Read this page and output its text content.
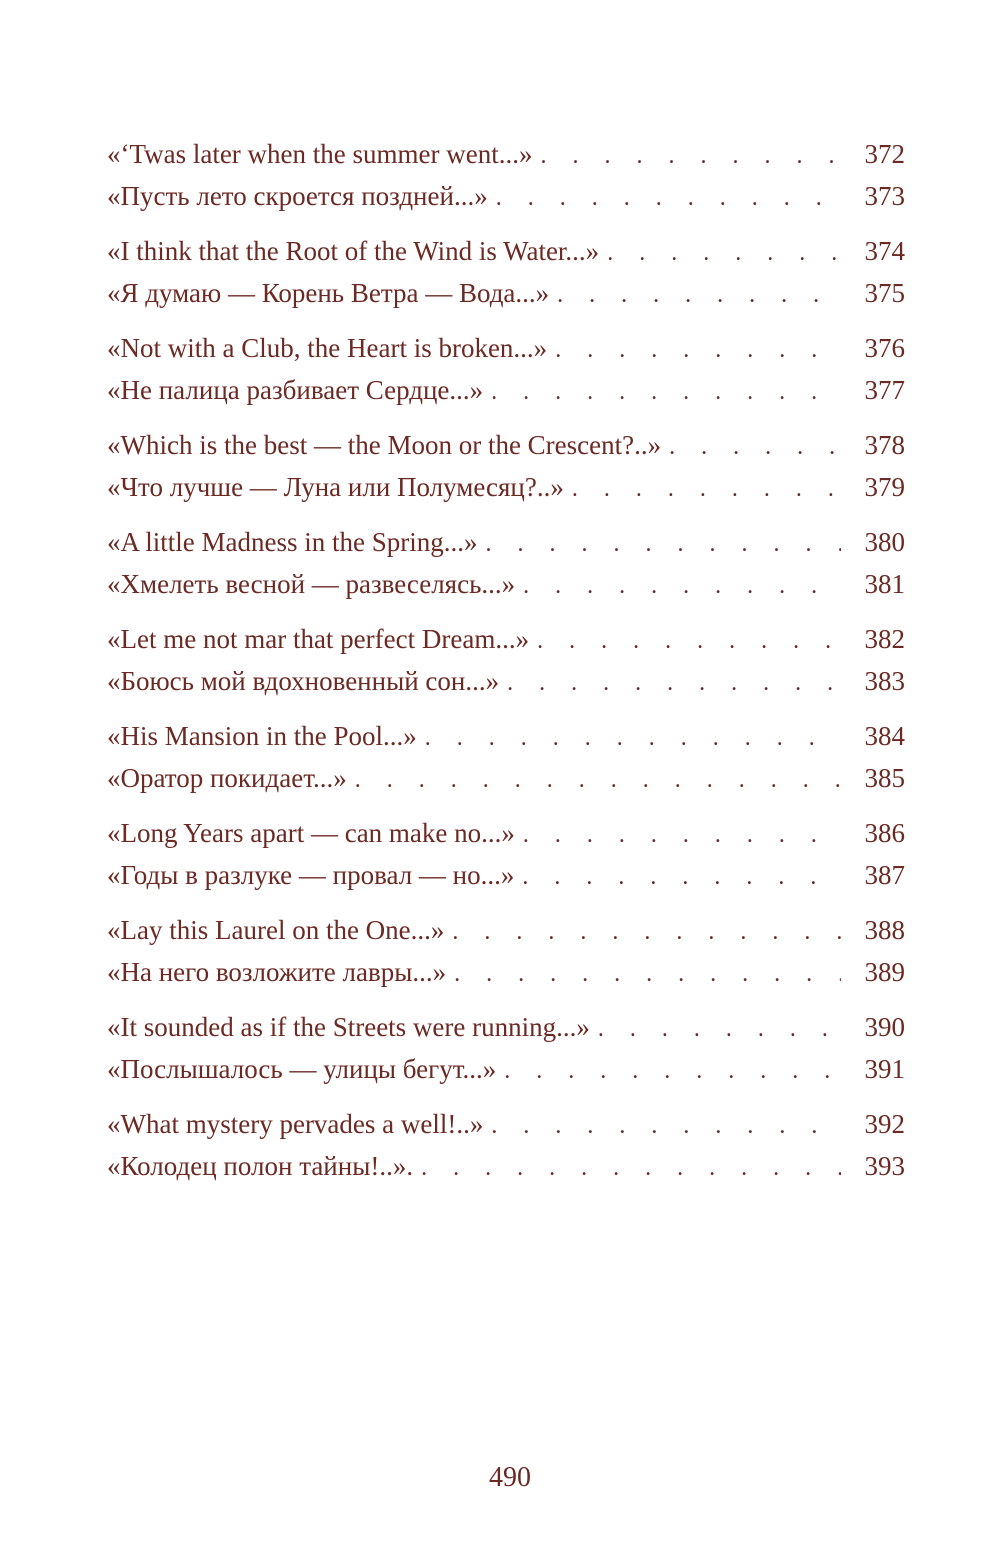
«‘Twas later when the summer went...» . . .	372
«Пусть лето скроется поздней...» . . .	373
«I think that the Root of the Wind is Water...» . . .	374
«Я думаю — Корень Ветра — Вода...» . . .	375
«Not with a Club, the Heart is broken...» . . .	376
«Не палица разбивает Сердце...» . . .	377
«Which is the best — the Moon or the Crescent?..» . . .	378
«Что лучше — Луна или Полумесяц?..» . . .	379
«A little Madness in the Spring...» . . .	380
«Хмелеть весной — развеселясь...» . . .	381
«Let me not mar that perfect Dream...» . . .	382
«Боюсь мой вдохновенный сон...» . . .	383
«His Mansion in the Pool...» . . .	384
«Оратор покидает...» . . .	385
«Long Years apart — can make no...» . . .	386
«Годы в разлуке — провал — но...» . . .	387
«Lay this Laurel on the One...» . . .	388
«На него возложите лавры...» . . .	389
«It sounded as if the Streets were running...» . . .	390
«Послышалось — улицы бегут...» . . .	391
«What mystery pervades a well!..» . . .	392
«Колодец полон тайны!..». . . .	393
490
